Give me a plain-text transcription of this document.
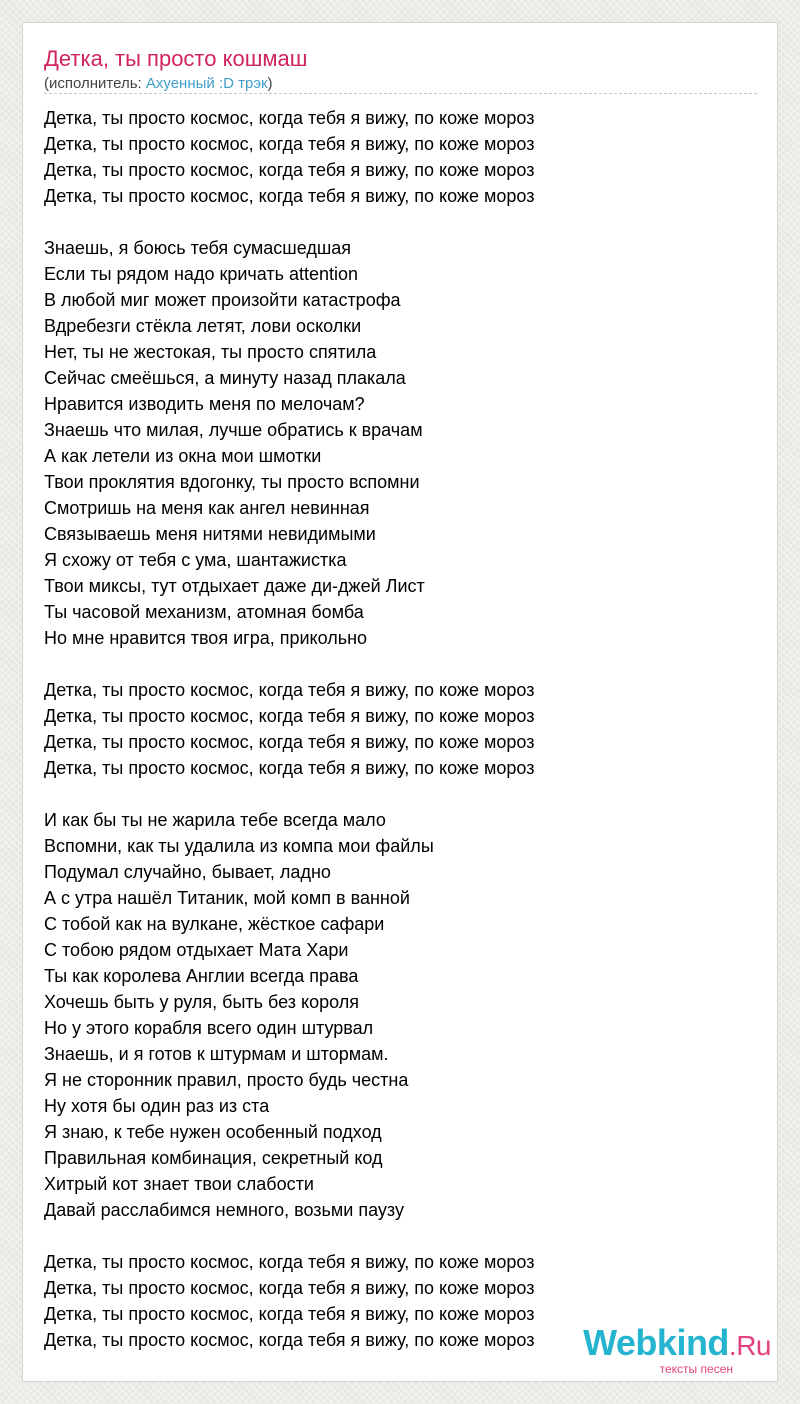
Детка, ты просто кошмаш
(исполнитель: Ахуенный :D трэк)
Детка, ты просто космос, когда тебя я вижу, по коже мороз
Детка, ты просто космос, когда тебя я вижу, по коже мороз
Детка, ты просто космос, когда тебя я вижу, по коже мороз
Детка, ты просто космос, когда тебя я вижу, по коже мороз
Знаешь, я боюсь тебя сумасшедшая
Если ты рядом надо кричать attention
В любой миг может произойти катастрофа
Вдребезги стёкла летят, лови осколки
Нет, ты не жестокая, ты просто спятила
Сейчас смеёшься, а минуту назад плакала
Нравится изводить меня по мелочам?
Знаешь что милая, лучше обратись к врачам
А как летели из окна мои шмотки
Твои проклятия вдогонку, ты просто вспомни
Смотришь на меня как ангел невинная
Связываешь меня нитями невидимыми
Я схожу от тебя с ума, шантажистка
Твои миксы, тут отдыхает даже ди-джей Лист
Ты часовой механизм, атомная бомба
Но мне нравится твоя игра, прикольно
Детка, ты просто космос, когда тебя я вижу, по коже мороз
Детка, ты просто космос, когда тебя я вижу, по коже мороз
Детка, ты просто космос, когда тебя я вижу, по коже мороз
Детка, ты просто космос, когда тебя я вижу, по коже мороз
И как бы ты не жарила тебе всегда мало
Вспомни, как ты удалила из компа мои файлы
Подумал случайно, бывает, ладно
А с утра нашёл Титаник, мой комп в ванной
С тобой как на вулкане, жёсткое сафари
С тобою рядом отдыхает Мата Хари
Ты как королева Англии всегда права
Хочешь быть у руля, быть без короля
Но у этого корабля всего один штурвал
Знаешь, и я готов к штурмам и штормам.
Я не сторонник правил, просто будь честна
Ну хотя бы один раз из ста
Я знаю, к тебе нужен особенный подход
Правильная комбинация, секретный код
Хитрый кот знает твои слабости
Давай расслабимся немного, возьми паузу
Детка, ты просто космос, когда тебя я вижу, по коже мороз
Детка, ты просто космос, когда тебя я вижу, по коже мороз
Детка, ты просто космос, когда тебя я вижу, по коже мороз
Детка, ты просто космос, когда тебя я вижу, по коже мороз	Webkind.Ru
тексты песен
